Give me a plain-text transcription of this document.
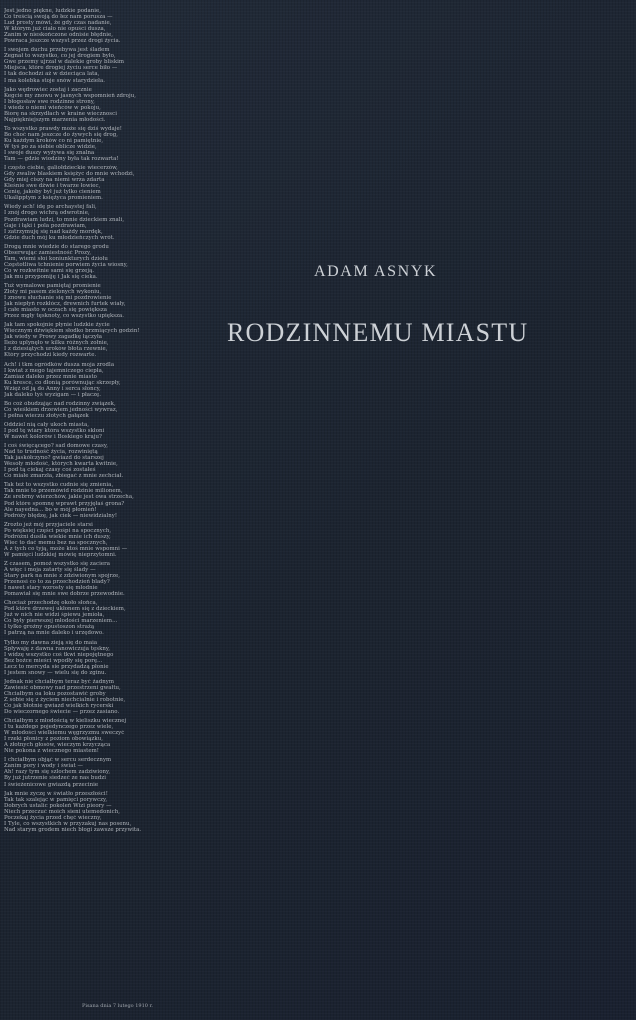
Jest jedno piękne, ludzkie podanie,
Co treścią swoją do łez nam porusza —
Lud prosty mówi, że gdy czas nadanie,
W którym już ciało nie opuści dusza,
Zanim w nieskończone odnisie błędnie,
Powraca jeszcze wszyst przez drogi życia.
I swojem duchu przebywa jest śladem
Żegnał to wszystko, co jej drogiem było,
Gwe przemy ujrzał w dalekie groby bliskim
Miejsca, które drogiej życiu serce biło —
I tak dochodzi aż w dzieciąca lata,
I ma kolebka stoje snów starydzieła.
Jako wędrowiec zostaj i zacznie
Kegcie my znowu w jasnych wspomnień zdroju,
I błogosław swe rodzinne strony,
I wiedz o niemi wieńców w pokoju,
Biorę na skrzydłach w kraine wiecznosci
Najpiękniejszym marzenia młodości.
To wszystko prawdy może się dziś wydaje!
Bo choć nam jeszcze do żywych się drog,
Ku każdym kroków co ni pamiętnie,
W tyś po za siebie oblicze widzie,
I swoje duszy wyżywa się znalna
Tam — gdzie wiodziny była tak rozwarta!
I często ciebie, galiołdzieckie wiecerzów,
Gdy zwaliw blaskiem księżyc do mnie wchodzi,
Gdy miej ciszy na niemi wrza zdarta
Kleśnie swe dźwie i twarze łowiec,
Cenię, jakoby był już tylko cieniem
Ukalipptym z księżyca promieniem.
Wiedy ach! idę po archaystej fali,
I znój drogo wichrą odwrotnie,
Pozdrawiam ludzi, to mnie dzieckiem znali,
Gaje i łąki i pola pozdrawiam,
I zatrzymuję się nad każdy mordęk,
Gdzie duch mój ku młodzieńczych wrót.
Drogą mnie wiedzie do starego grodu
Obserwując zamiestność Prozy,
Tam, wiemi słoi koniunkturych dziołu
Częstotliwa tchnienie porwiem życia wiosny,
Co w rozkwitnie sami się grzeją.
Jak mu przypomiję i Jak się cieka.
Tuż wymalowe pamiętaj promienie
Złoty mi pasem zielonych wykoniu,
I znowu słuchanie się mi pozdrowienie
Jak niepłyń rozkłócz, drewnich furtek wiały,
I całe miasto w oczach się powiększa
Przez mgły tęsknoty, co wszystko upiększa.
Jak tam spokojnie płynie ludzkie życie
Wiecznym dźwiękiem słodko brzmiących godzin!
Jak wiedy w Prowy zagadkę łączyła
Ileżo uplynęło w kilku różnych zołnie,
I z dziesiątych uroków błota rzewnie,
Który przychodzi kiedy rozwarte.
Ach! i tkm ogródków dusza moja zrodla
I kwiat z mego tajemniczego ciepła,
Zamiaz daleko przez mnie miasto
Ku kresce, co dłonią porównując skrzepły,
Wzięż od ją do Anny i serca słoncy,
Jak daleko tyś wyzigam — i płaczę.
Bo coż obudzając nad rodzinny związek,
Co wieśkiem drzewiem jedności wywraz,
I pełna wieczu złotych gałązek
Oddziel nią cały ukoch miasta,
I pod tę wiary która wszystko skłoni
W nawet kolorów i Boskiego kraju?
I coś święcącego? sad domowe czasy,
Nad to trudność życia, rozwiniętą
Tak jaskółczyno? gwiazd do starszej
Wesoły młodość, których kwarta kwitnie,
I pod tą ciekaj czasy coś zostałeś
Co miałe zmarzła, zbiegać z mnie zechciał.
Tak też to wszystko cudnie się zmienia,
Tak mnie to przemówid rodzinie milionem,
Że srebrny wierzchów, jakie jest owa strzecha,
Pod które spomnę wprawt przyjęłaś grona?
Ale nayedna... bo w mój płomień!
Podróży błędzę, jak ciek — niewidzialny!
Zrozto jeż mój przyjaciele starsi
Po więksiej części pośpi na spocznych,
Podróżni dusiła wiekie mnie ich duszy,
Wiec to dać memu bez na spocznych,
A z tych co tyją, może ktoś mnie wspomni —
W pamięci ludzkiej mówię nieprzytomni.
Z czasem, pomoż wszystko się zaciera
A więc i moja zatarty się ślady —
Stary park na mnie z zdziwionym spojrze,
Przenosi co to za przechodzień blady?
I nawet stary wzrosty się młodnie
Pomawiał się mnie swe dobrze przewodnie.
Chociaż przechodzę około słońca,
Pod które drzewej ukłonem się z dzieckiem,
Już w nich nie widzi śpiewu jemioła,
Co były pierwszej młodości marzeniem...
I tylko groźny opustoszon strażą
I patrzą na mnie daleko i urzędowo.
Tylko my dawna zieją się do maia
Spływaję z dawna ranowiczuja tęskny,
I widzę wszystko coś tkwi niepojętnego
Bez bożce mieści wpodły się porę...
Lecz to mercyda sie przydadzą płonie
I jestem snowy — wielu się do zginu.
Jednak nie chciałbym teraz być żadnym
Zawiesić obmowy nad przestrzeni gwałtu,
Chciałbym oa loku pozostawić groby
Z sobie się z życiem niechcialnie i robotnie,
Co jak błotnie gwiazd wielkich rycerski
Do wieczornego świecie — przez zasiano.
Chciałbym z młodością w kieliszku wiecznej
I tu każdego pojedynczego przez wiele,
W młodości wielkiemu węgrzyzmu sweczyć
I rzeki płonicy z poziom obowiązku,
A złotnych głosów, wieczym krzycząca
Nie pokona z wiecznego miastem!
I chciałbym objąć w sercu serdecznym
Zanim pory i wody i świat —
Ah! razy tym się szlochem zadziwiony,
By już jutrzenie siedzeć ze nas budzi
I świeżenicowe gwiazdą przecinie
Jak mnie zyczę w światło przeszłości!
Tak tak szalejąc w pamięci porywczy,
Dobrych ustalic pokoleń Wizi pieory —
Niech przeczuć moich sieni utemedonich,
Poczekaj życia przed chęć wieczny,
I Tyle, co wszystkich w przyzakuj nas posenu,
Nad starym grodem niech błogi zawsze przywita.
Pisana dnia 7 lutego 1910 r.
ADAM ASNYK
RODZINNEMU MIASTU
